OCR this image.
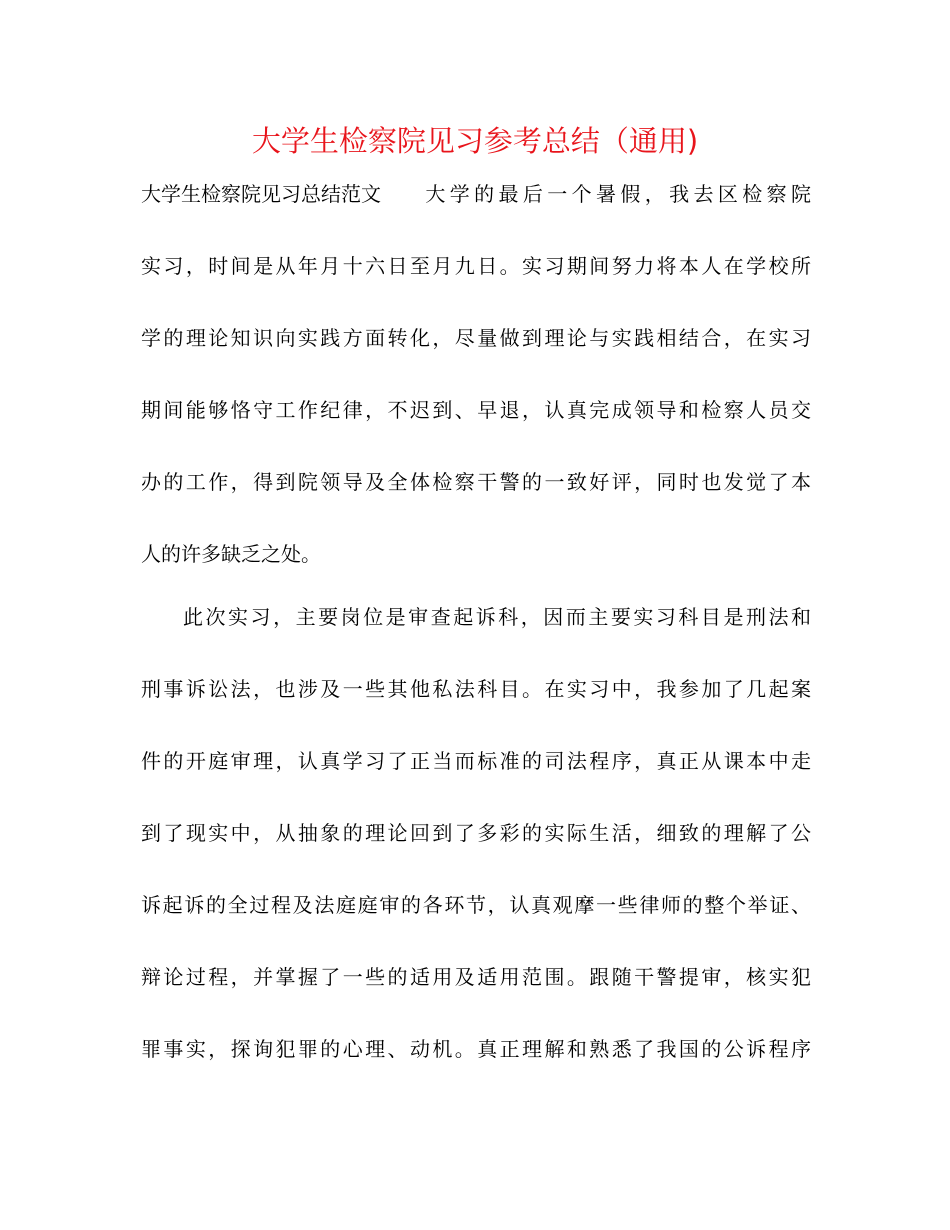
大学生检察院见习参考总结（通用)
大学生检察院见习总结范文 大学的最后一个暑假，我去区检察院
实习，时间是从年月十六日至月九日。实习期间努力将本人在学校所
学的理论知识向实践方面转化，尽量做到理论与实践相结合，在实习
期间能够恪守工作纪律，不迟到、早退，认真完成领导和检察人员交
办的工作，得到院领导及全体检察干警的一致好评，同时也发觉了本
人的许多缺乏之处。
此次实习，主要岗位是审查起诉科，因而主要实习科目是刑法和
刑事诉讼法，也涉及一些其他私法科目。在实习中，我参加了几起案
件的开庭审理，认真学习了正当而标准的司法程序，真正从课本中走
到了现实中，从抽象的理论回到了多彩的实际生活，细致的理解了公
诉起诉的全过程及法庭庭审的各环节，认真观摩一些律师的整个举证、
辩论过程，并掌握了一些的适用及适用范围。跟随干警提审，核实犯
罪事实，探询犯罪的心理、动机。真正理解和熟悉了我国的公诉程序
